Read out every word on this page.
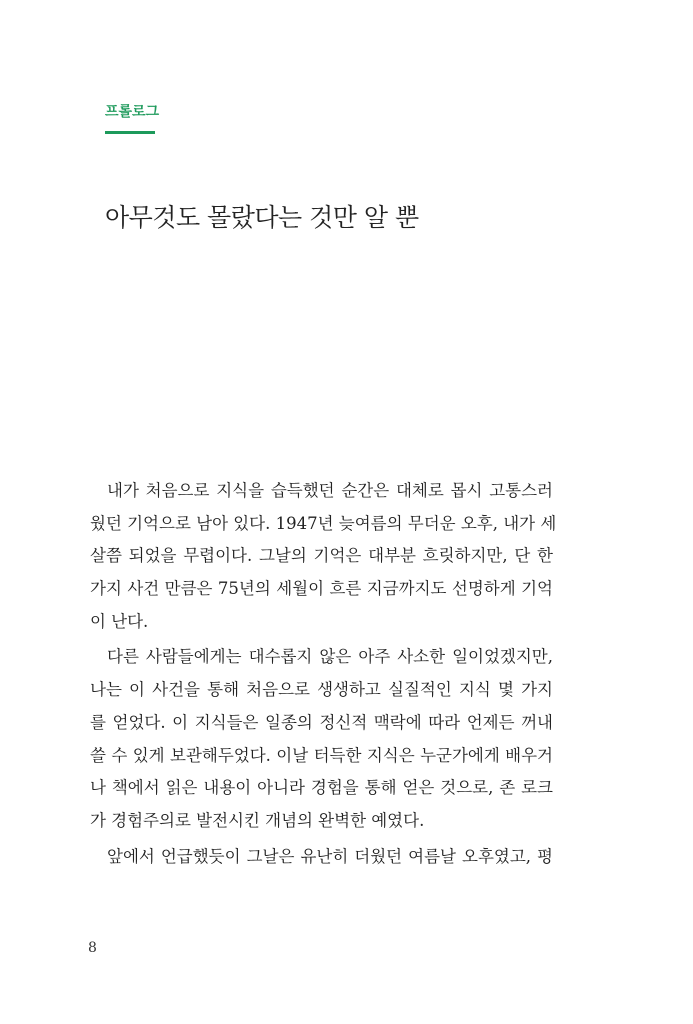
프롤로그
아무것도 몰랐다는 것만 알 뿐
내가 처음으로 지식을 습득했던 순간은 대체로 몹시 고통스러
웠던 기억으로 남아 있다. 1947년 늦여름의 무더운 오후, 내가 세
살쯤 되었을 무렵이다. 그날의 기억은 대부분 흐릿하지만, 단 한
가지 사건 만큼은 75년의 세월이 흐른 지금까지도 선명하게 기억
이 난다.
다른 사람들에게는 대수롭지 않은 아주 사소한 일이었겠지만,
나는 이 사건을 통해 처음으로 생생하고 실질적인 지식 몇 가지
를 얻었다. 이 지식들은 일종의 정신적 맥락에 따라 언제든 꺼내
쓸 수 있게 보관해두었다. 이날 터득한 지식은 누군가에게 배우거
나 책에서 읽은 내용이 아니라 경험을 통해 얻은 것으로, 존 로크
가 경험주의로 발전시킨 개념의 완벽한 예였다.
앞에서 언급했듯이 그날은 유난히 더웠던 여름날 오후였고, 평
8
